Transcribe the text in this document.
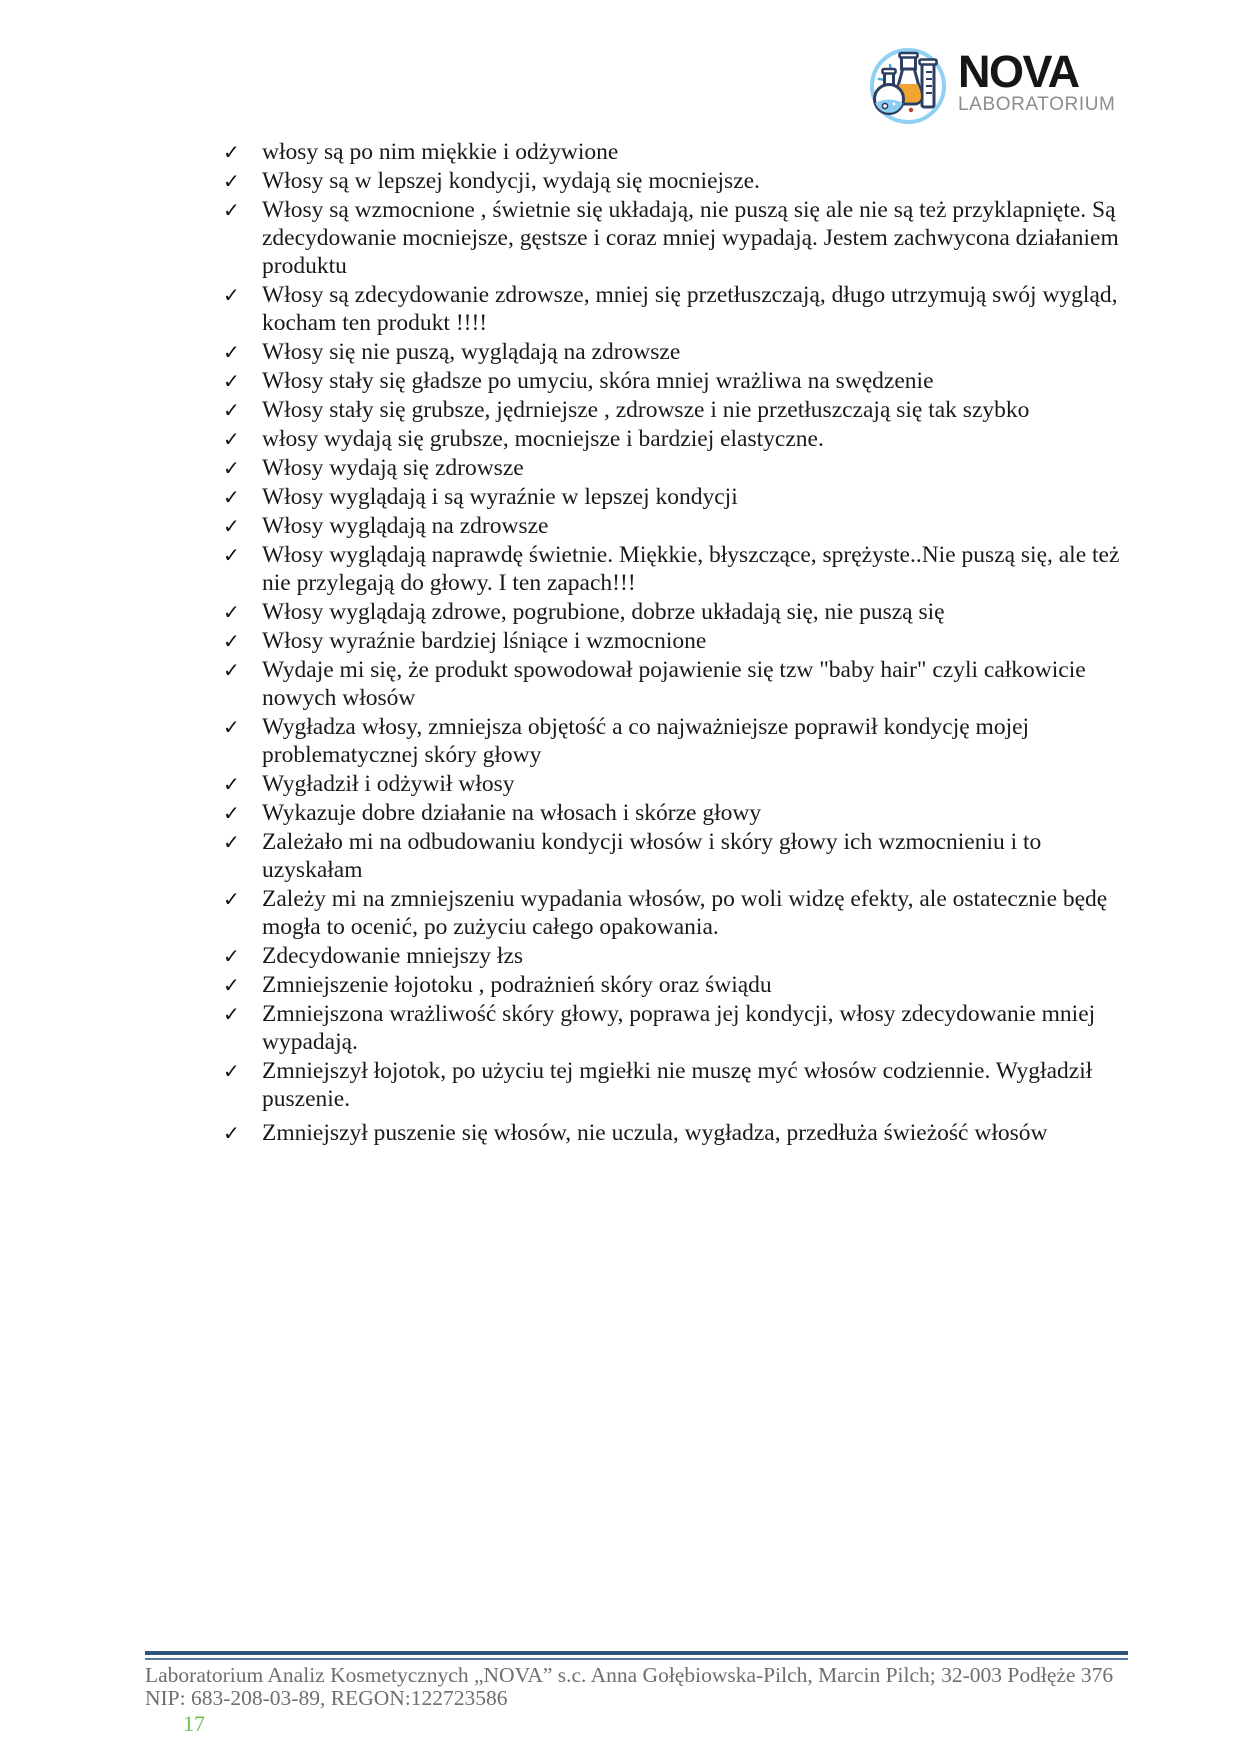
NOVA
LABORATORIUM
✓ włosy są po nim miękkie i odżywione
✓ Włosy są w lepszej kondycji, wydają się mocniejsze.
✓ Włosy są wzmocnione , świetnie się układają, nie puszą się ale nie są też przyklapnięte. Są zdecydowanie mocniejsze, gęstsze i coraz mniej wypadają. Jestem zachwycona działaniem produktu
✓ Włosy są zdecydowanie zdrowsze, mniej się przetłuszczają, długo utrzymują swój wygląd, kocham ten produkt !!!!
✓ Włosy się nie puszą, wyglądają na zdrowsze
✓ Włosy stały się gładsze po umyciu, skóra mniej wrażliwa na swędzenie
✓ Włosy stały się grubsze, jędrniejsze , zdrowsze i nie przetłuszczają się tak szybko
✓ włosy wydają się grubsze, mocniejsze i bardziej elastyczne.
✓ Włosy wydają się zdrowsze
✓ Włosy wyglądają i są wyraźnie w lepszej kondycji
✓ Włosy wyglądają na zdrowsze
✓ Włosy wyglądają naprawdę świetnie. Miękkie, błyszczące, sprężyste..Nie puszą się, ale też nie przylegają do głowy. I ten zapach!!!
✓ Włosy wyglądają zdrowe, pogrubione, dobrze układają się, nie puszą się
✓ Włosy wyraźnie bardziej lśniące i wzmocnione
✓ Wydaje mi się, że produkt spowodował pojawienie się tzw "baby hair" czyli całkowicie nowych włosów
✓ Wygładza włosy, zmniejsza objętość a co najważniejsze poprawił kondycję mojej problematycznej skóry głowy
✓ Wygładził i odżywił włosy
✓ Wykazuje dobre działanie na włosach i skórze głowy
✓ Zależało mi na odbudowaniu kondycji włosów i skóry głowy ich wzmocnieniu i to uzyskałam
✓ Zależy mi na zmniejszeniu wypadania włosów, po woli widzę efekty, ale ostatecznie będę mogła to ocenić, po zużyciu całego opakowania.
✓ Zdecydowanie mniejszy łzs
✓ Zmniejszenie łojotoku , podrażnień skóry oraz świądu
✓ Zmniejszona wrażliwość skóry głowy, poprawa jej kondycji, włosy zdecydowanie mniej wypadają.
✓ Zmniejszył łojotok, po użyciu tej mgiełki nie muszę myć włosów codziennie. Wygładził puszenie.
✓ Zmniejszył puszenie się włosów, nie uczula, wygładza, przedłuża świeżość włosów
Laboratorium Analiz Kosmetycznych „NOVA” s.c. Anna Gołębiowska-Pilch, Marcin Pilch; 32-003 Podłęże 376
NIP: 683-208-03-89, REGON:122723586
17
